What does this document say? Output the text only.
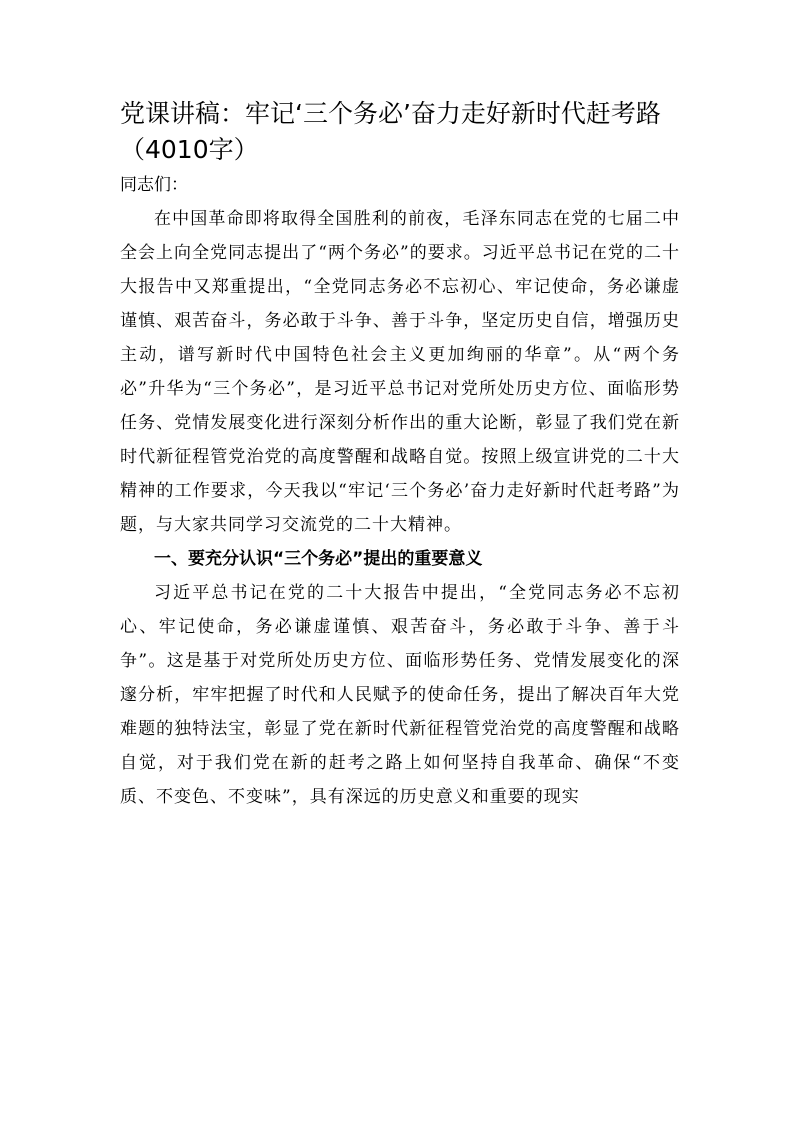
党课讲稿：牢记‘三个务必’奋力走好新时代赶考路（4010字）

同志们：

在中国革命即将取得全国胜利的前夜，毛泽东同志在党的七届二中全会上向全党同志提出了“两个务必”的要求。习近平总书记在党的二十大报告中又郑重提出，“全党同志务必不忘初心、牢记使命，务必谦虚谨慎、艰苦奋斗，务必敢于斗争、善于斗争，坚定历史自信，增强历史主动，谱写新时代中国特色社会主义更加绚丽的华章”。从“两个务必”升华为“三个务必”，是习近平总书记对党所处历史方位、面临形势任务、党情发展变化进行深刻分析作出的重大论断，彰显了我们党在新时代新征程管党治党的高度警醒和战略自觉。按照上级宣讲党的二十大精神的工作要求，今天我以“牢记‘三个务必’奋力走好新时代赶考路”为题，与大家共同学习交流党的二十大精神。

一、要充分认识“三个务必”提出的重要意义

习近平总书记在党的二十大报告中提出，“全党同志务必不忘初心、牢记使命，务必谦虚谨慎、艰苦奋斗，务必敢于斗争、善于斗争”。这是基于对党所处历史方位、面临形势任务、党情发展变化的深邃分析，牢牢把握了时代和人民赋予的使命任务，提出了解决百年大党难题的独特法宝，彰显了党在新时代新征程管党治党的高度警醒和战略自觉，对于我们党在新的赶考之路上如何坚持自我革命、确保“不变质、不变色、不变味”，具有深远的历史意义和重要的现实
